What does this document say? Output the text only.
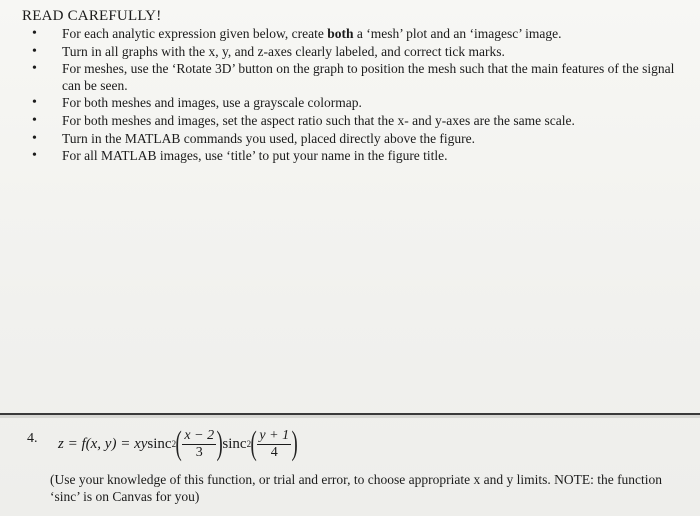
READ CAREFULLY!
• For each analytic expression given below, create both a ‘mesh’ plot and an ‘imagesc’ image.
• Turn in all graphs with the x, y, and z-axes clearly labeled, and correct tick marks.
• For meshes, use the ‘Rotate 3D’ button on the graph to position the mesh such that the main features of the signal can be seen.
• For both meshes and images, use a grayscale colormap.
• For both meshes and images, set the aspect ratio such that the x- and y-axes are the same scale.
• Turn in the MATLAB commands you used, placed directly above the figure.
• For all MATLAB images, use ‘title’ to put your name in the figure title.
4. z =
f (x, y) =
xy sinc 2 ( $\frac{x - 2}{3}$ ) sinc 2 ( $\frac{y + 1}{4}$ )
(Use your knowledge of this function, or trial and error, to choose appropriate x and y limits. NOTE: the function ‘sinc’ is on Canvas for you)
